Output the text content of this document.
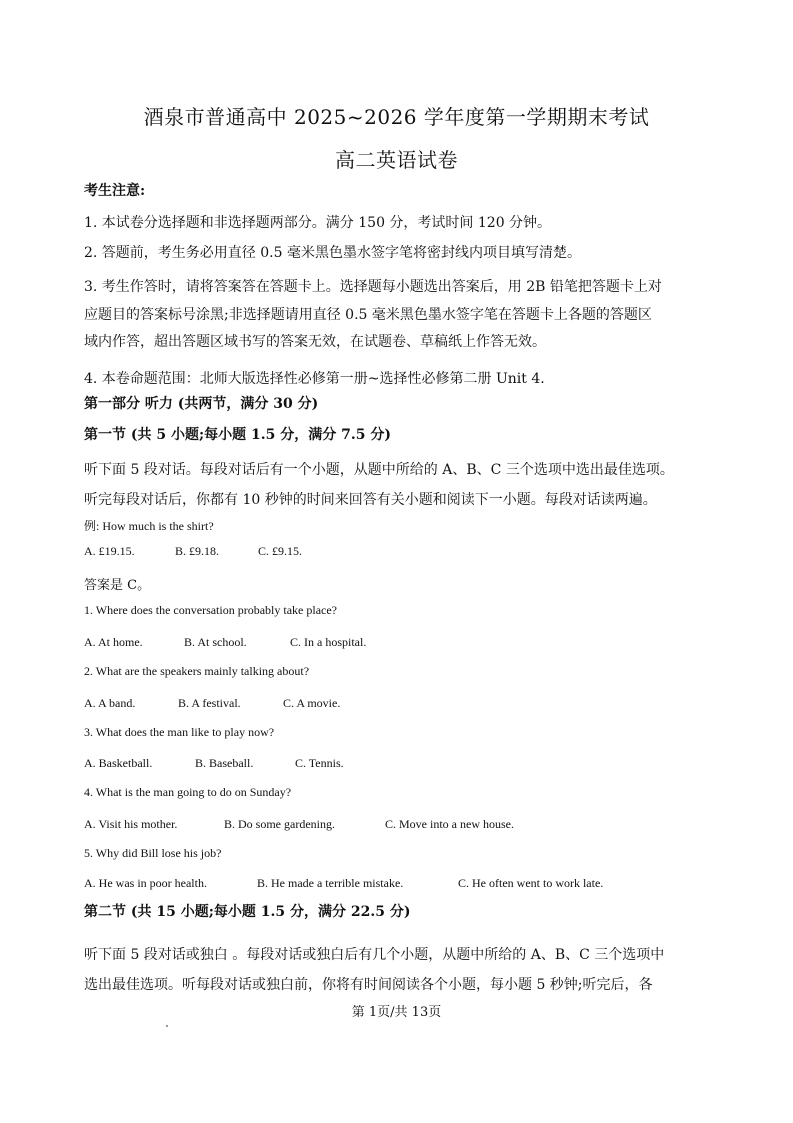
酒泉市普通高中 2025~2026 学年度第一学期期末考试
高二英语试卷
考生注意:
1. 本试卷分选择题和非选择题两部分。满分 150 分，考试时间 120 分钟。
2. 答题前，考生务必用直径 0.5 毫米黑色墨水签字笔将密封线内项目填写清楚。
3. 考生作答时，请将答案答在答题卡上。选择题每小题选出答案后，用 2B 铅笔把答题卡上对
应题目的答案标号涂黑;非选择题请用直径 0.5 毫米黑色墨水签字笔在答题卡上各题的答题区
域内作答，超出答题区域书写的答案无效，在试题卷、草稿纸上作答无效。
4. 本卷命题范围：北师大版选择性必修第一册~选择性必修第二册 Unit 4.
第一部分 听力 (共两节，满分 30 分)
第一节 (共 5 小题;每小题 1.5 分，满分 7.5 分)
听下面 5 段对话。每段对话后有一个小题，从题中所给的 A、B、C 三个选项中选出最佳选项。
听完每段对话后，你都有 10 秒钟的时间来回答有关小题和阅读下一小题。每段对话读两遍。
例: How much is the shirt?
A. £19.15.	B. £9.18.	C. £9.15.
答案是 C。
1. Where does the conversation probably take place?
A. At home.	B. At school.	C. In a hospital.
2. What are the speakers mainly talking about?
A. A band.	B. A festival.	C. A movie.
3. What does the man like to play now?
A. Basketball.	B. Baseball.	C. Tennis.
4. What is the man going to do on Sunday?
A. Visit his mother.	B. Do some gardening.	C. Move into a new house.
5. Why did Bill lose his job?
A. He was in poor health.	B. He made a terrible mistake.	C. He often went to work late.
第二节 (共 15 小题;每小题 1.5 分，满分 22.5 分)
听下面 5 段对话或独白 。每段对话或独白后有几个小题，从题中所给的 A、B、C 三个选项中
选出最佳选项。听每段对话或独白前，你将有时间阅读各个小题，每小题 5 秒钟;听完后，各
第 1页/共 13页
